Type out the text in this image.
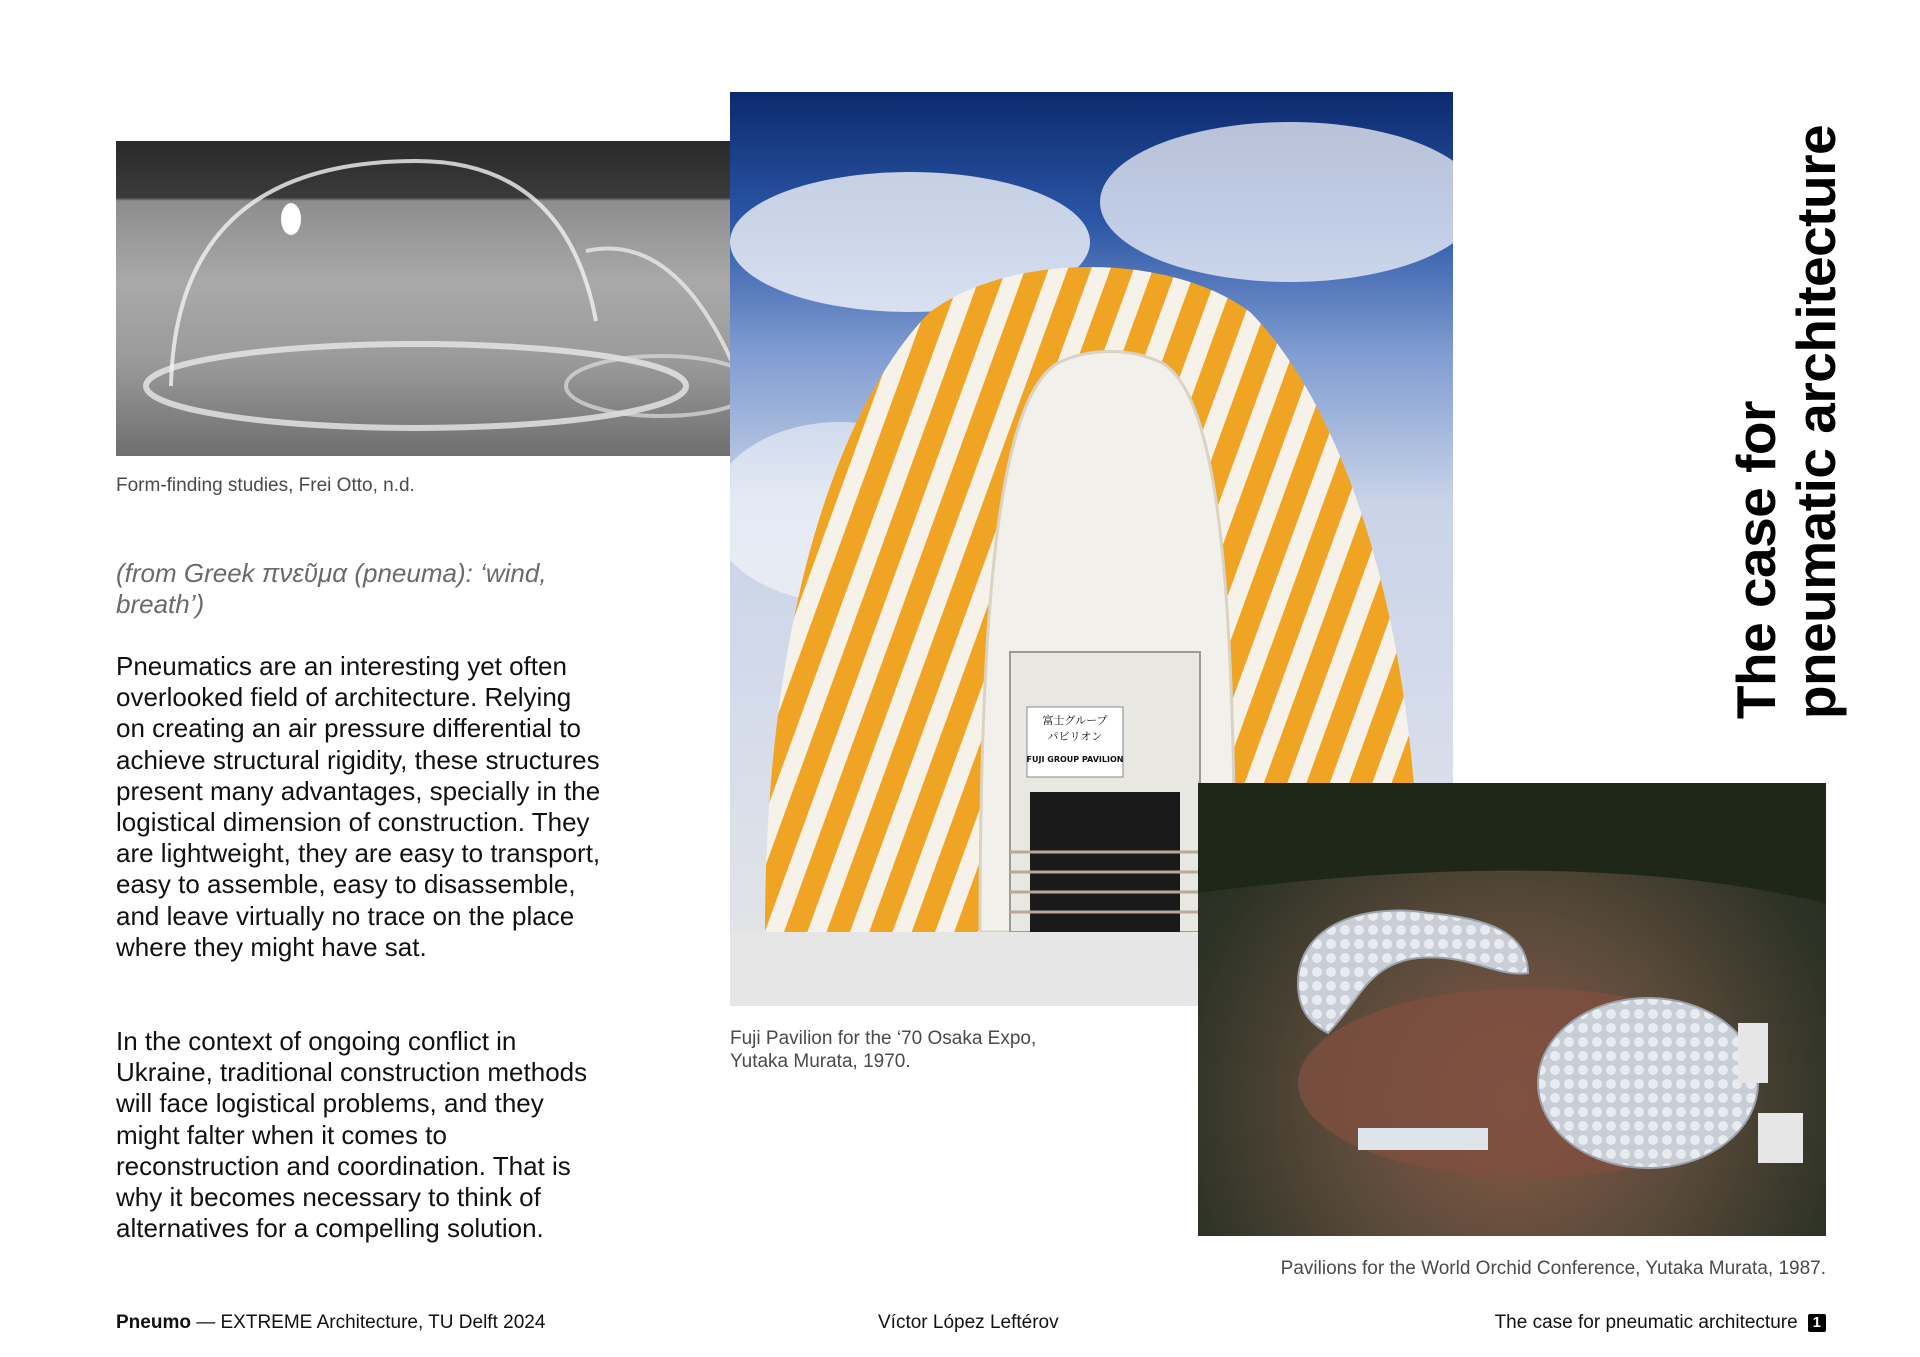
Form-finding studies, Frei Otto, n.d.
(from Greek πνεῦμα (pneuma): ‘wind, breath’)
Pneumatics are an interesting yet often overlooked field of architecture. Relying on creating an air pressure differential to achieve structural rigidity, these structures present many advantages, specially in the logistical dimension of construction. They are lightweight, they are easy to transport, easy to assemble, easy to disassemble, and leave virtually no trace on the place where they might have sat.
In the context of ongoing conflict in Ukraine, traditional construction methods will face logistical problems, and they might falter when it comes to reconstruction and coordination. That is why it becomes necessary to think of alternatives for a compelling solution.
富士グループ
パビリオン
FUJI GROUP PAVILION
Fuji Pavilion for the ‘70 Osaka Expo,
Yutaka Murata, 1970.
Pavilions for the World Orchid Conference, Yutaka Murata, 1987.
The case for
pneumatic architecture
Pneumo — EXTREME Architecture, TU Delft 2024	Víctor López Leftérov	The case for pneumatic architecture	1
